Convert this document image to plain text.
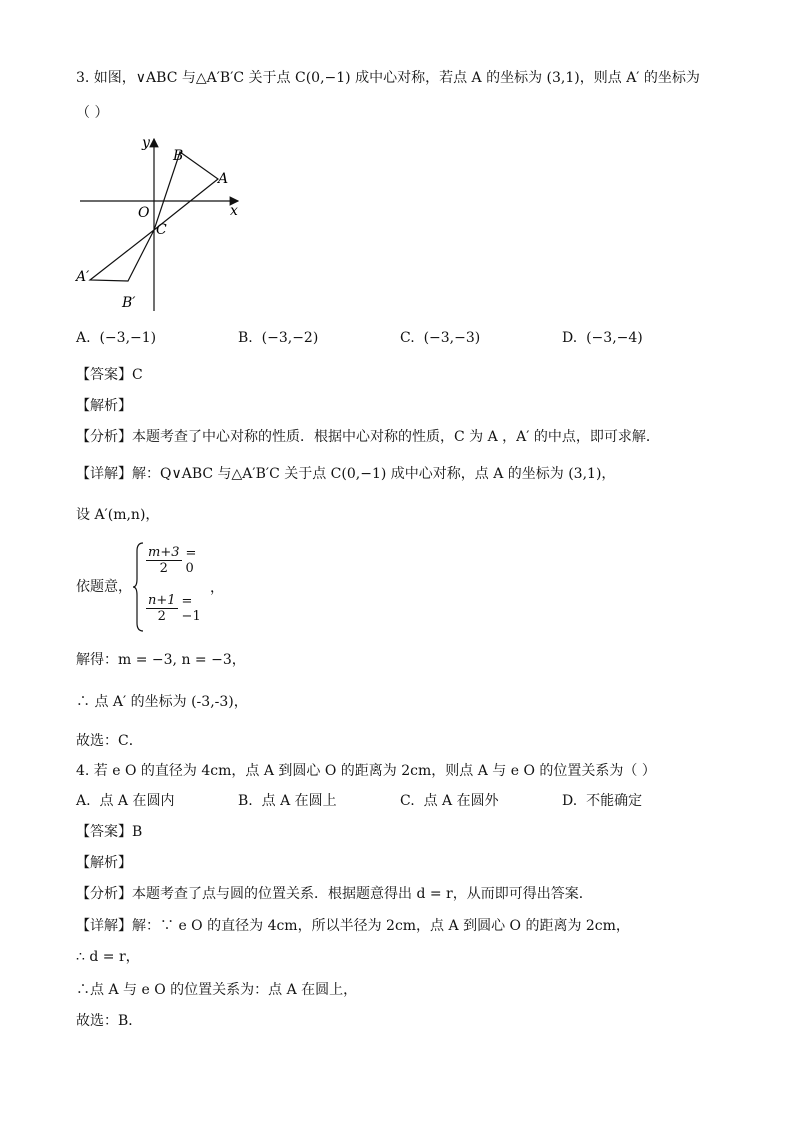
3. 如图，∨ABC 与△A′B′C 关于点 C(0,−1) 成中心对称，若点 A 的坐标为 (3,1)，则点 A′ 的坐标为
（ ）
y
x
O
B
A
C
A′
B′
A. (−3,−1)	B. (−3,−2)	C. (−3,−3)	D. (−3,−4)
【答案】C
【解析】
【分析】本题考查了中心对称的性质．根据中心对称的性质，C 为 A ，A′ 的中点，即可求解．
【详解】解：Q∨ABC 与△A′B′C 关于点 C(0,−1) 成中心对称，点 A 的坐标为 (3,1)，
设 A′(m,n)，
依题意，
$\frac{m+3}{2} = 0$
$\frac{n+1}{2} = -1$
，
解得：m = −3, n = −3，
∴ 点 A′ 的坐标为 (-3,-3)，
故选：C．
4. 若 e O 的直径为 4cm，点 A 到圆心 O 的距离为 2cm，则点 A 与 e O 的位置关系为（ ）
A. 点 A 在圆内	B. 点 A 在圆上	C. 点 A 在圆外	D. 不能确定
【答案】B
【解析】
【分析】本题考查了点与圆的位置关系．根据题意得出 d = r，从而即可得出答案．
【详解】解：∵ e O 的直径为 4cm，所以半径为 2cm，点 A 到圆心 O 的距离为 2cm，
∴ d = r，
∴点 A 与 e O 的位置关系为：点 A 在圆上，
故选：B．
